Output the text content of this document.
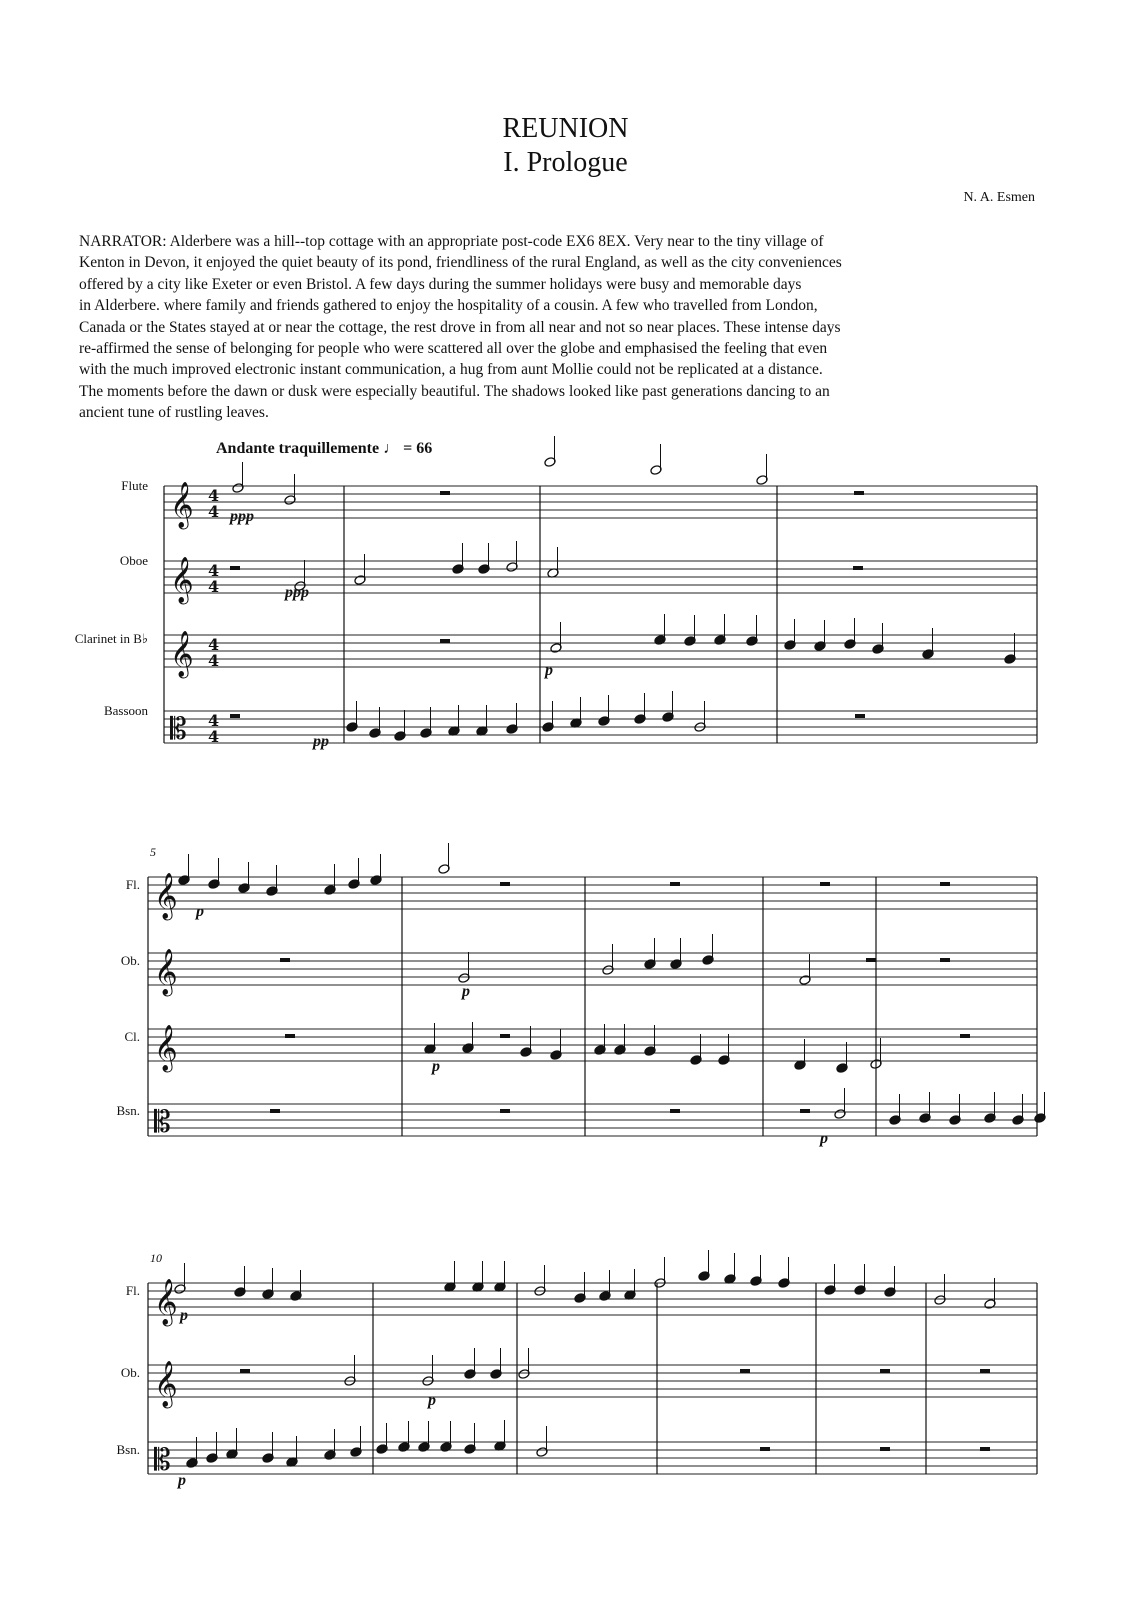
REUNION
I. Prologue
N. A. Esmen

NARRATOR: Alderbere was a hill--top cottage with an appropriate post-code EX6 8EX. Very near to the tiny village of

Kenton in Devon, it enjoyed the quiet beauty of its pond, friendliness of the rural England, as well as the city conveniences

offered by a city like Exeter or even Bristol. A few days during the summer holidays were busy and memorable days

in Alderbere. where family and friends gathered to enjoy the hospitality of a cousin. A few who travelled from London,

Canada or the States stayed at or near the cottage, the rest drove in from all near and not so near places. These intense days

re-affirmed the sense of belonging for people who were scattered all over the globe and emphasised the feeling that even

with the much improved electronic instant communication, a hug from aunt Mollie could not be replicated at a distance.

The moments before the dawn or dusk were especially beautiful. The shadows looked like past generations dancing to an

ancient tune of rustling leaves.

Andante traquillemente ♩ = 66
Flute
Oboe
Clarinet in B♭
Bassoon
Fl.
Ob.
Cl.
Bsn.
Fl.
Ob.
Bsn.
5
10
ppp
ppp
p
pp
p
p
p
p
p
p
p
𝄞 4
4
𝄞 4
4
𝄞 4
4
𝄡 4
4
𝄞
𝄞
𝄞
𝄡
𝄞
𝄞
𝄡
